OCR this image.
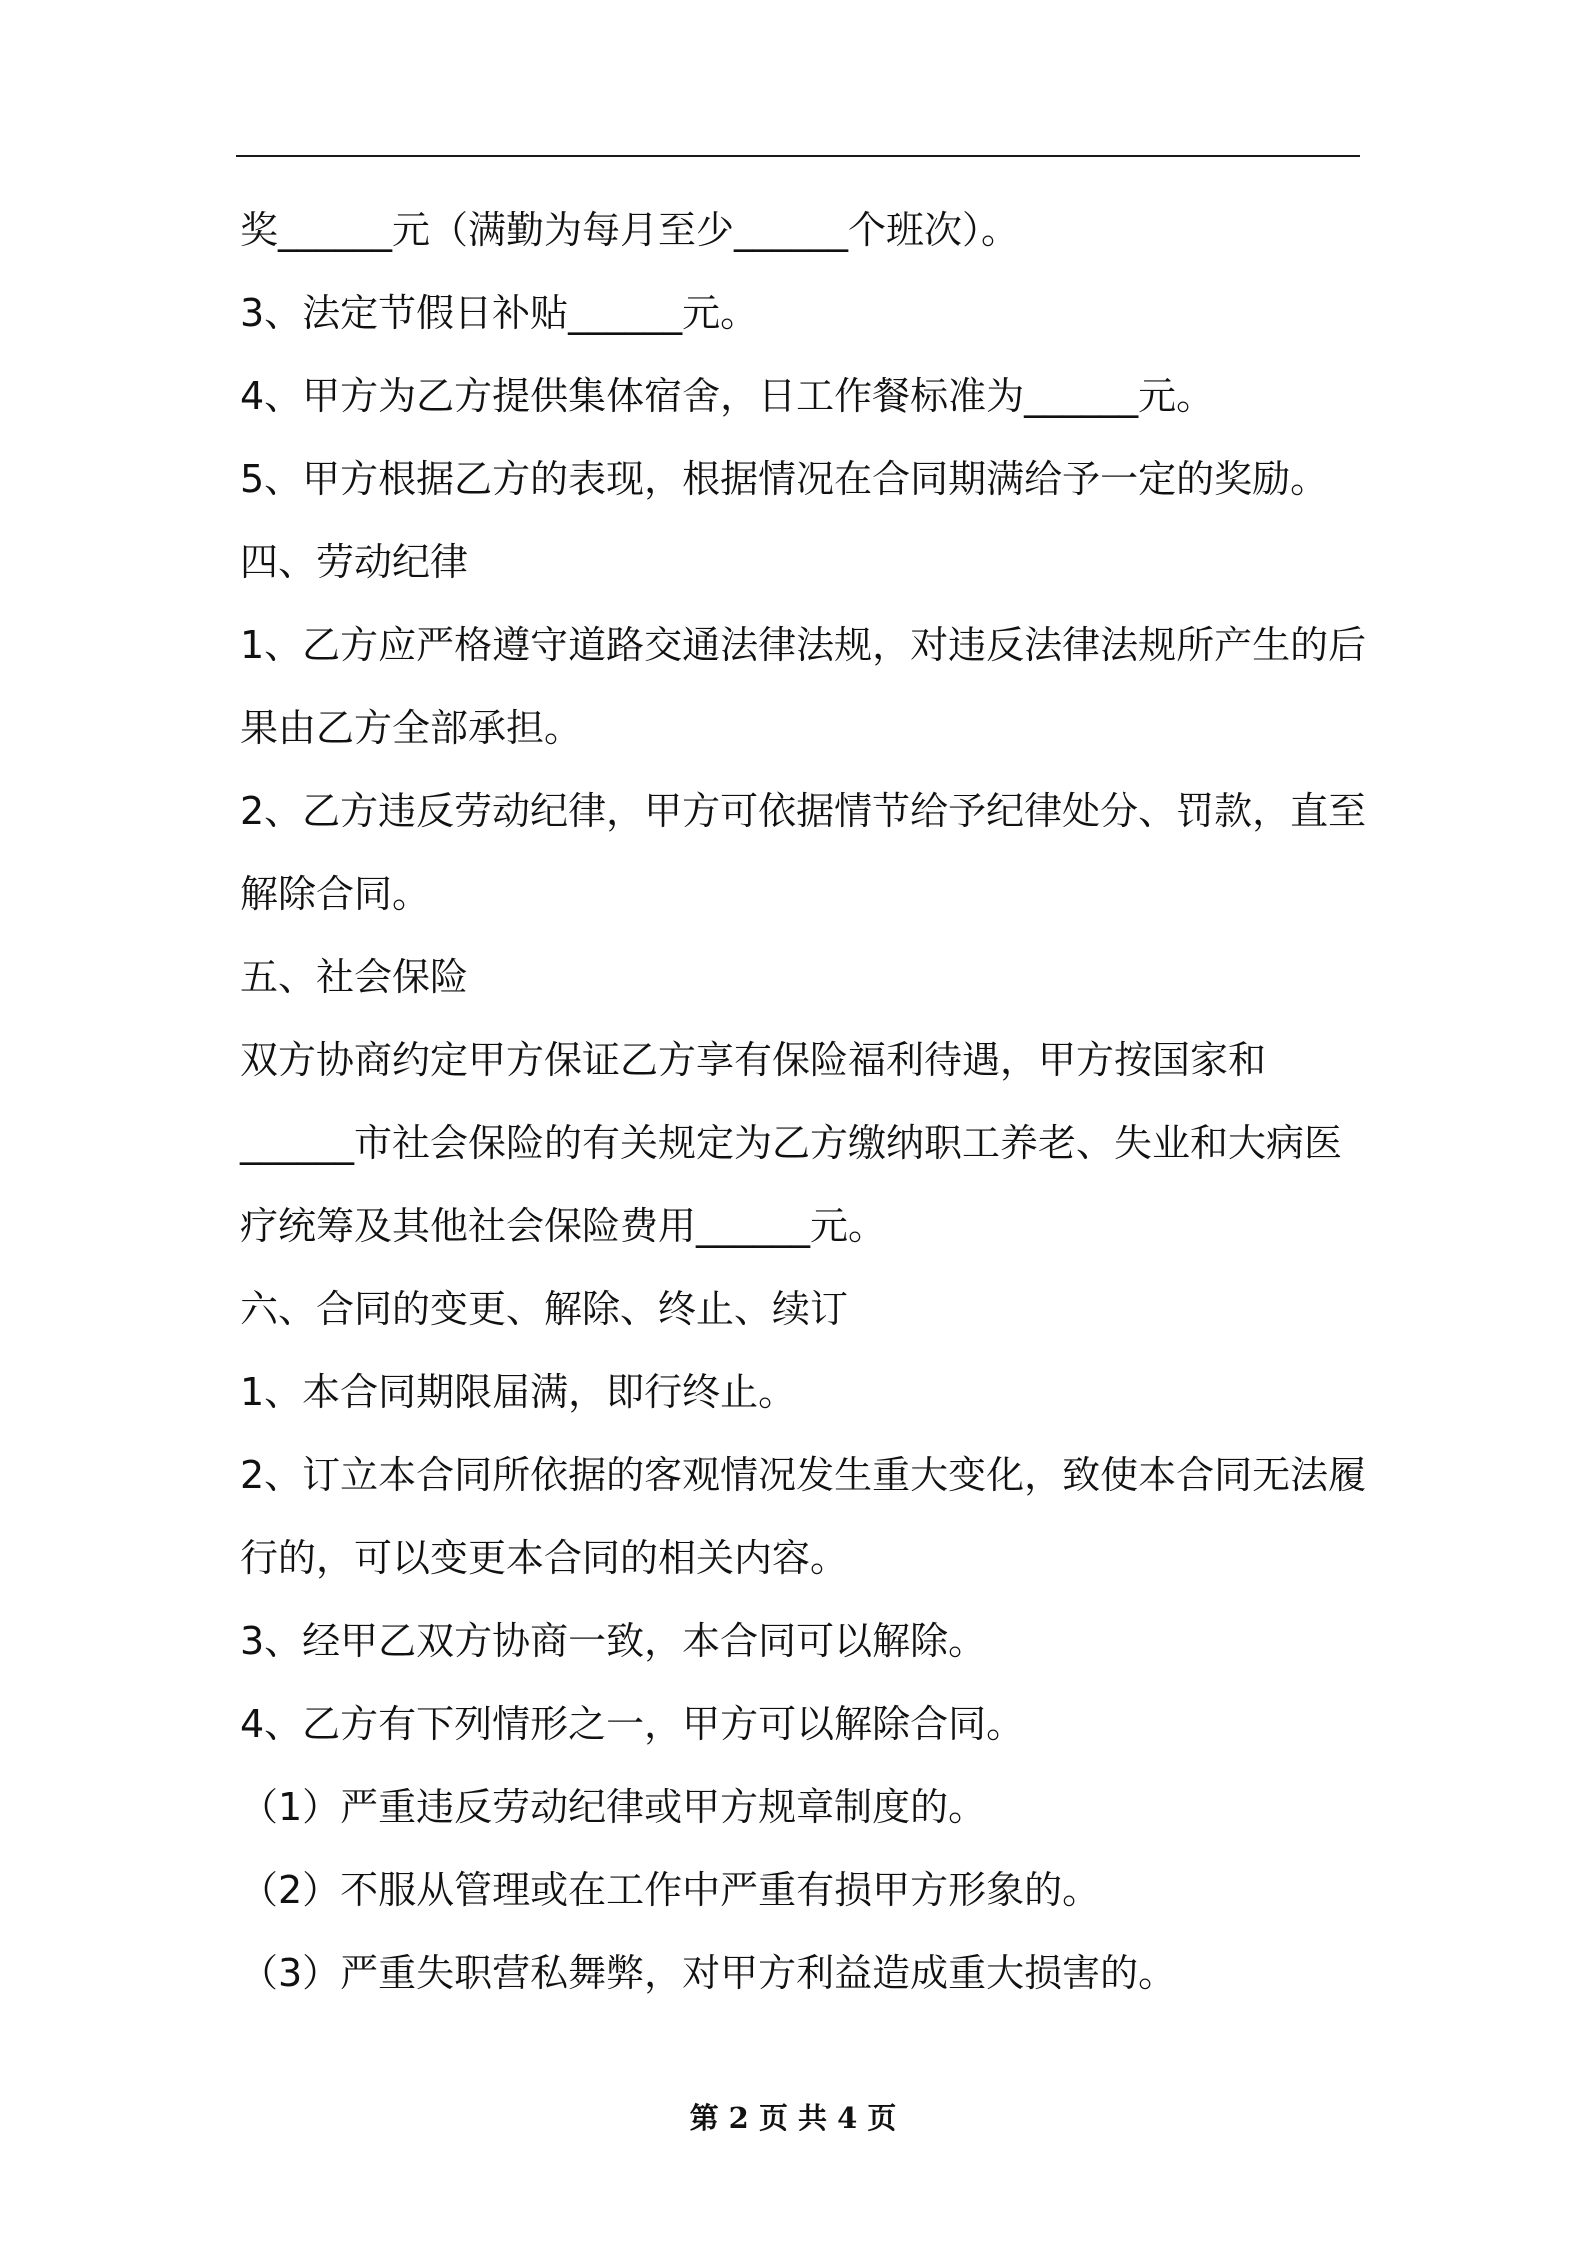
奖______元（满勤为每月至少______个班次）。
3、法定节假日补贴______元。
4、甲方为乙方提供集体宿舍，日工作餐标准为______元。
5、甲方根据乙方的表现，根据情况在合同期满给予一定的奖励。
四、劳动纪律
1、乙方应严格遵守道路交通法律法规，对违反法律法规所产生的后
果由乙方全部承担。
2、乙方违反劳动纪律，甲方可依据情节给予纪律处分、罚款，直至
解除合同。
五、社会保险
双方协商约定甲方保证乙方享有保险福利待遇，甲方按国家和
______市社会保险的有关规定为乙方缴纳职工养老、失业和大病医
疗统筹及其他社会保险费用______元。
六、合同的变更、解除、终止、续订
1、本合同期限届满，即行终止。
2、订立本合同所依据的客观情况发生重大变化，致使本合同无法履
行的，可以变更本合同的相关内容。
3、经甲乙双方协商一致，本合同可以解除。
4、乙方有下列情形之一，甲方可以解除合同。
（1）严重违反劳动纪律或甲方规章制度的。
（2）不服从管理或在工作中严重有损甲方形象的。
（3）严重失职营私舞弊，对甲方利益造成重大损害的。
第 2 页 共 4 页
